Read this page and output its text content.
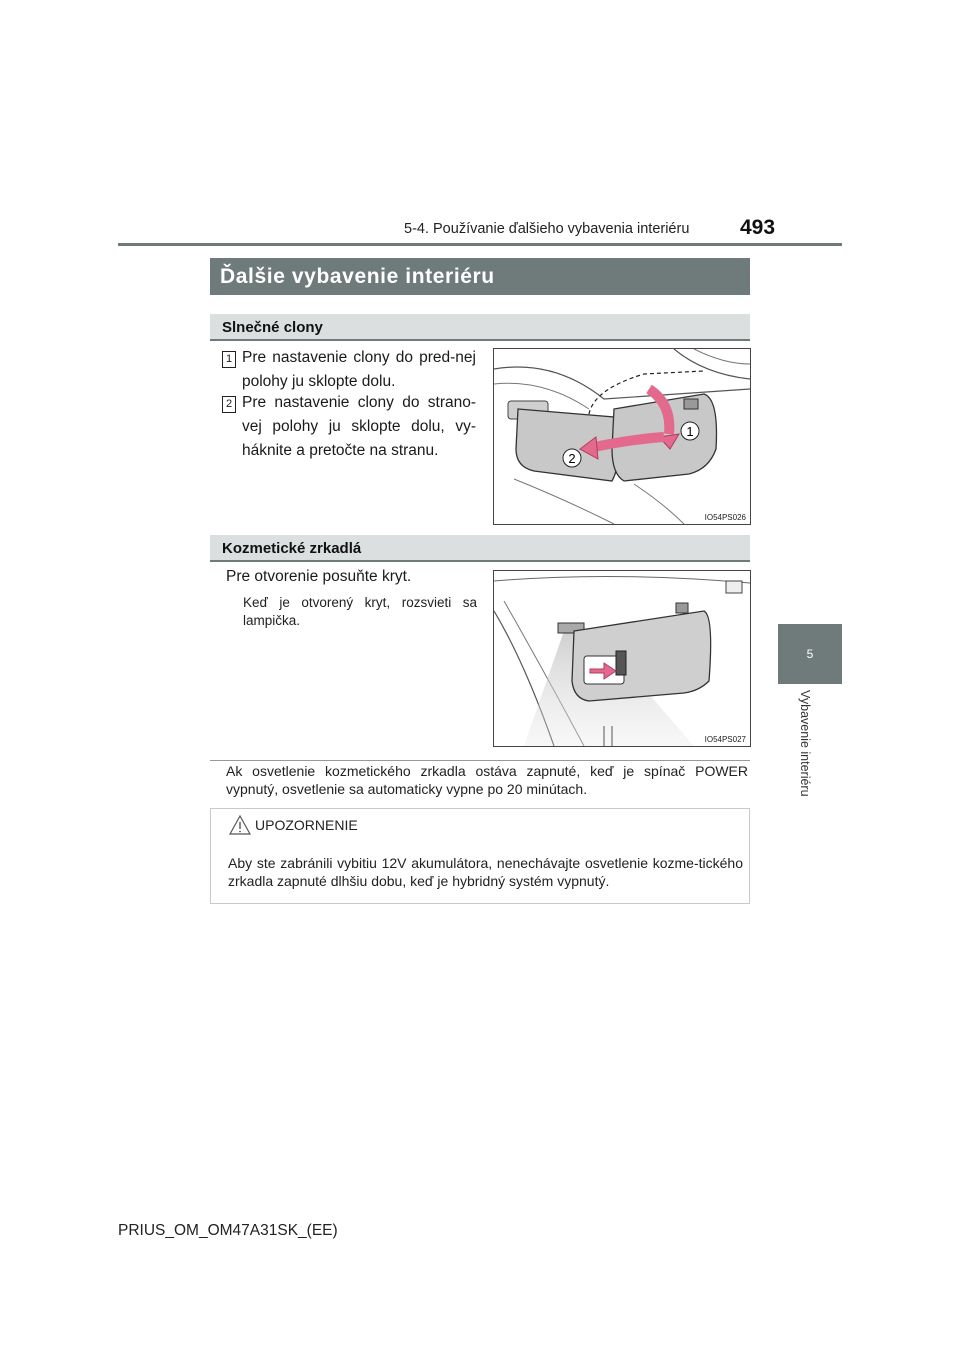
5-4. Používanie ďalšieho vybavenia interiéru 493
5
Vybavenie interiéru
Ďalšie vybavenie interiéru
Slnečné clony
1 Pre nastavenie clony do pred-nej polohy ju sklopte dolu.
2 Pre nastavenie clony do strano-vej polohy ju sklopte dolu, vy-háknite a pretočte na stranu.
1
2
IO54PS026
Kozmetické zrkadlá
Pre otvorenie posuňte kryt.
Keď je otvorený kryt, rozsvieti sa lampička.
IO54PS027
Ak osvetlenie kozmetického zrkadla ostáva zapnuté, keď je spínač POWER vypnutý, osvetlenie sa automaticky vypne po 20 minútach.
UPOZORNENIE
Aby ste zabránili vybitiu 12V akumulátora, nenechávajte osvetlenie kozme-tického zrkadla zapnuté dlhšiu dobu, keď je hybridný systém vypnutý.
PRIUS_OM_OM47A31SK_(EE)
